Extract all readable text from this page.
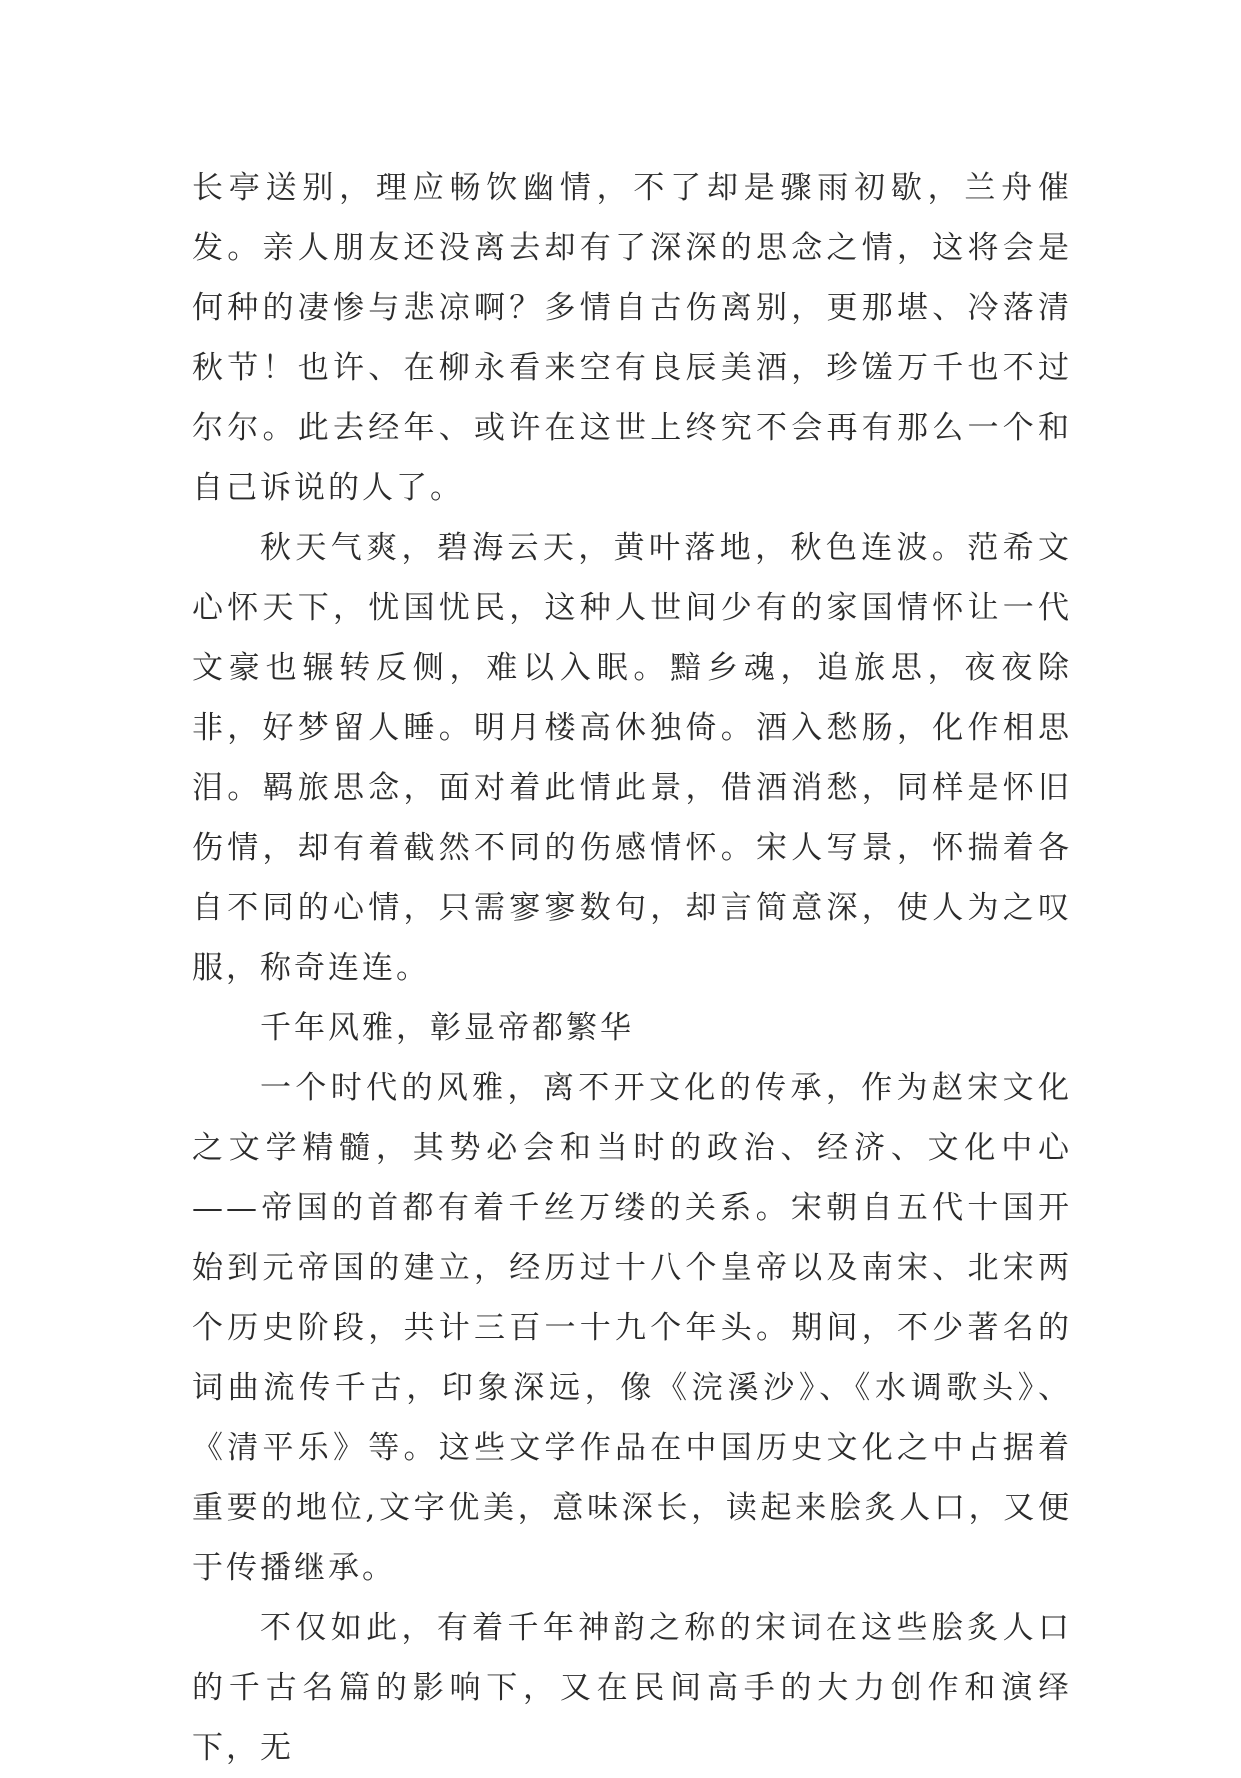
长亭送别，理应畅饮幽情，不了却是骤雨初歇，兰舟催发。亲人朋友还没离去却有了深深的思念之情，这将会是何种的凄惨与悲凉啊？多情自古伤离别，更那堪、冷落清秋节！也许、在柳永看来空有良辰美酒，珍馐万千也不过尔尔。此去经年、或许在这世上终究不会再有那么一个和自己诉说的人了。

秋天气爽，碧海云天，黄叶落地，秋色连波。范希文心怀天下，忧国忧民，这种人世间少有的家国情怀让一代文豪也辗转反侧，难以入眠。黯乡魂，追旅思，夜夜除非，好梦留人睡。明月楼高休独倚。酒入愁肠，化作相思泪。羁旅思念，面对着此情此景，借酒消愁，同样是怀旧伤情，却有着截然不同的伤感情怀。宋人写景，怀揣着各自不同的心情，只需寥寥数句，却言简意深，使人为之叹服，称奇连连。

千年风雅，彰显帝都繁华

一个时代的风雅，离不开文化的传承，作为赵宋文化之文学精髓，其势必会和当时的政治、经济、文化中心——帝国的首都有着千丝万缕的关系。宋朝自五代十国开始到元帝国的建立，经历过十八个皇帝以及南宋、北宋两个历史阶段，共计三百一十九个年头。期间，不少著名的词曲流传千古，印象深远，像《浣溪沙》、《水调歌头》、《清平乐》等。这些文学作品在中国历史文化之中占据着重要的地位,文字优美，意味深长，读起来脍炙人口，又便于传播继承。

不仅如此，有着千年神韵之称的宋词在这些脍炙人口的千古名篇的影响下，又在民间高手的大力创作和演绎下，无
